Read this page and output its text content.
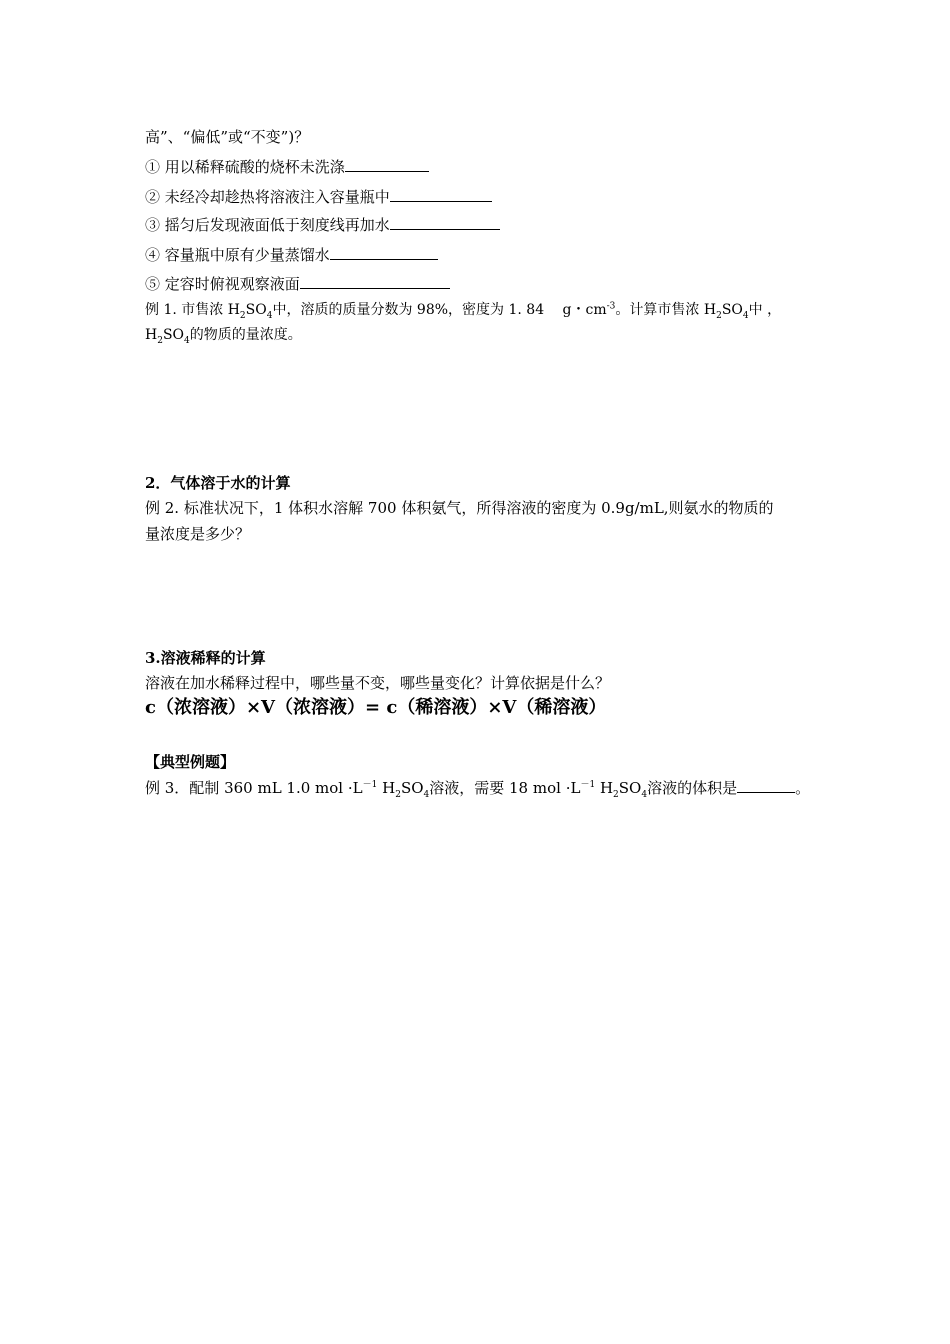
高”、“偏低”或“不变”)？
① 用以稀释硫酸的烧杯未洗涤
② 未经冷却趁热将溶液注入容量瓶中
③ 摇匀后发现液面低于刻度线再加水
④ 容量瓶中原有少量蒸馏水
⑤ 定容时俯视观察液面
例 1. 市售浓 $H_2SO_4$中，溶质的质量分数为 98%，密度为 1. 84　 g・$cm^{-3}$。计算市售浓 $H_2SO_4$中 ，
$H_2SO_4$的物质的量浓度。
2．气体溶于水的计算
例 2. 标准状况下，1 体积水溶解 700 体积氨气，所得溶液的密度为 0.9g/mL,则氨水的物质的
量浓度是多少？
3.溶液稀释的计算
溶液在加水稀释过程中，哪些量不变，哪些量变化？计算依据是什么？
c（浓溶液）×V（浓溶液）= c（稀溶液）×V（稀溶液）
【典型例题】
例 3．配制 360 mL 1.0 mol $\cdot L^{-1}$ $H_2SO_4$溶液，需要 18 mol $\cdot L^{-1}$ $H_2SO_4$溶液的体积是	。
